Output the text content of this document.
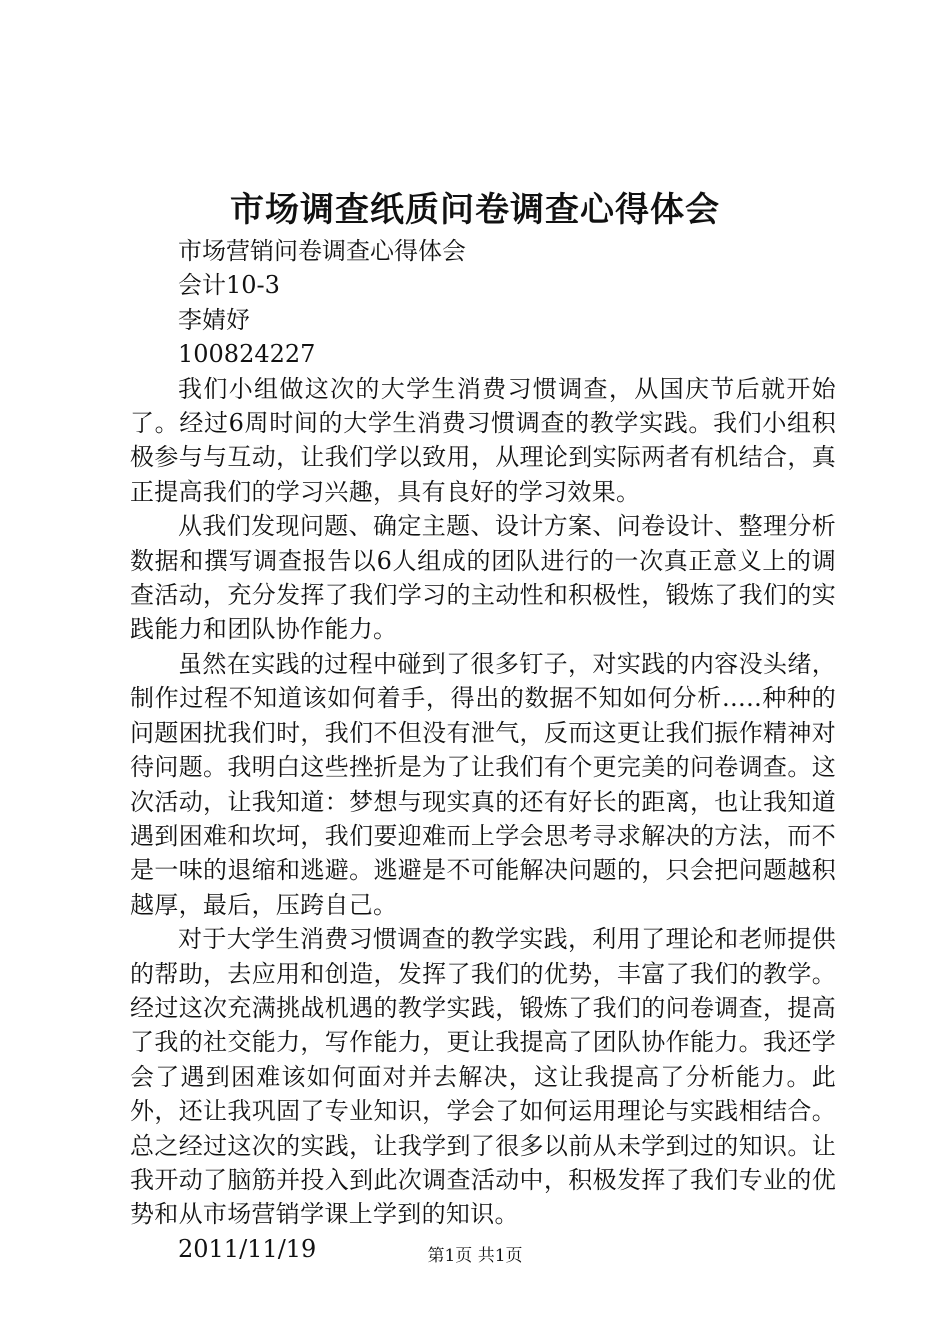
市场调查纸质问卷调查心得体会
市场营销问卷调查心得体会
会计10-3
李婧妤
100824227

我们小组做这次的大学生消费习惯调查，从国庆节后就开始了。经过6周时间的大学生消费习惯调查的教学实践。我们小组积极参与与互动，让我们学以致用，从理论到实际两者有机结合，真正提高我们的学习兴趣，具有良好的学习效果。

从我们发现问题、确定主题、设计方案、问卷设计、整理分析数据和撰写调查报告以6人组成的团队进行的一次真正意义上的调查活动，充分发挥了我们学习的主动性和积极性，锻炼了我们的实践能力和团队协作能力。

虽然在实践的过程中碰到了很多钉子，对实践的内容没头绪，制作过程不知道该如何着手，得出的数据不知如何分析…..种种的问题困扰我们时，我们不但没有泄气，反而这更让我们振作精神对待问题。我明白这些挫折是为了让我们有个更完美的问卷调查。这次活动，让我知道：梦想与现实真的还有好长的距离，也让我知道遇到困难和坎坷，我们要迎难而上学会思考寻求解决的方法，而不是一味的退缩和逃避。逃避是不可能解决问题的，只会把问题越积越厚，最后，压跨自己。

对于大学生消费习惯调查的教学实践，利用了理论和老师提供的帮助，去应用和创造，发挥了我们的优势，丰富了我们的教学。经过这次充满挑战机遇的教学实践，锻炼了我们的问卷调查，提高了我的社交能力，写作能力，更让我提高了团队协作能力。我还学会了遇到困难该如何面对并去解决，这让我提高了分析能力。此外，还让我巩固了专业知识，学会了如何运用理论与实践相结合。总之经过这次的实践，让我学到了很多以前从未学到过的知识。让我开动了脑筋并投入到此次调查活动中，积极发挥了我们专业的优势和从市场营销学课上学到的知识。

2011/11/19	第1页 共1页
